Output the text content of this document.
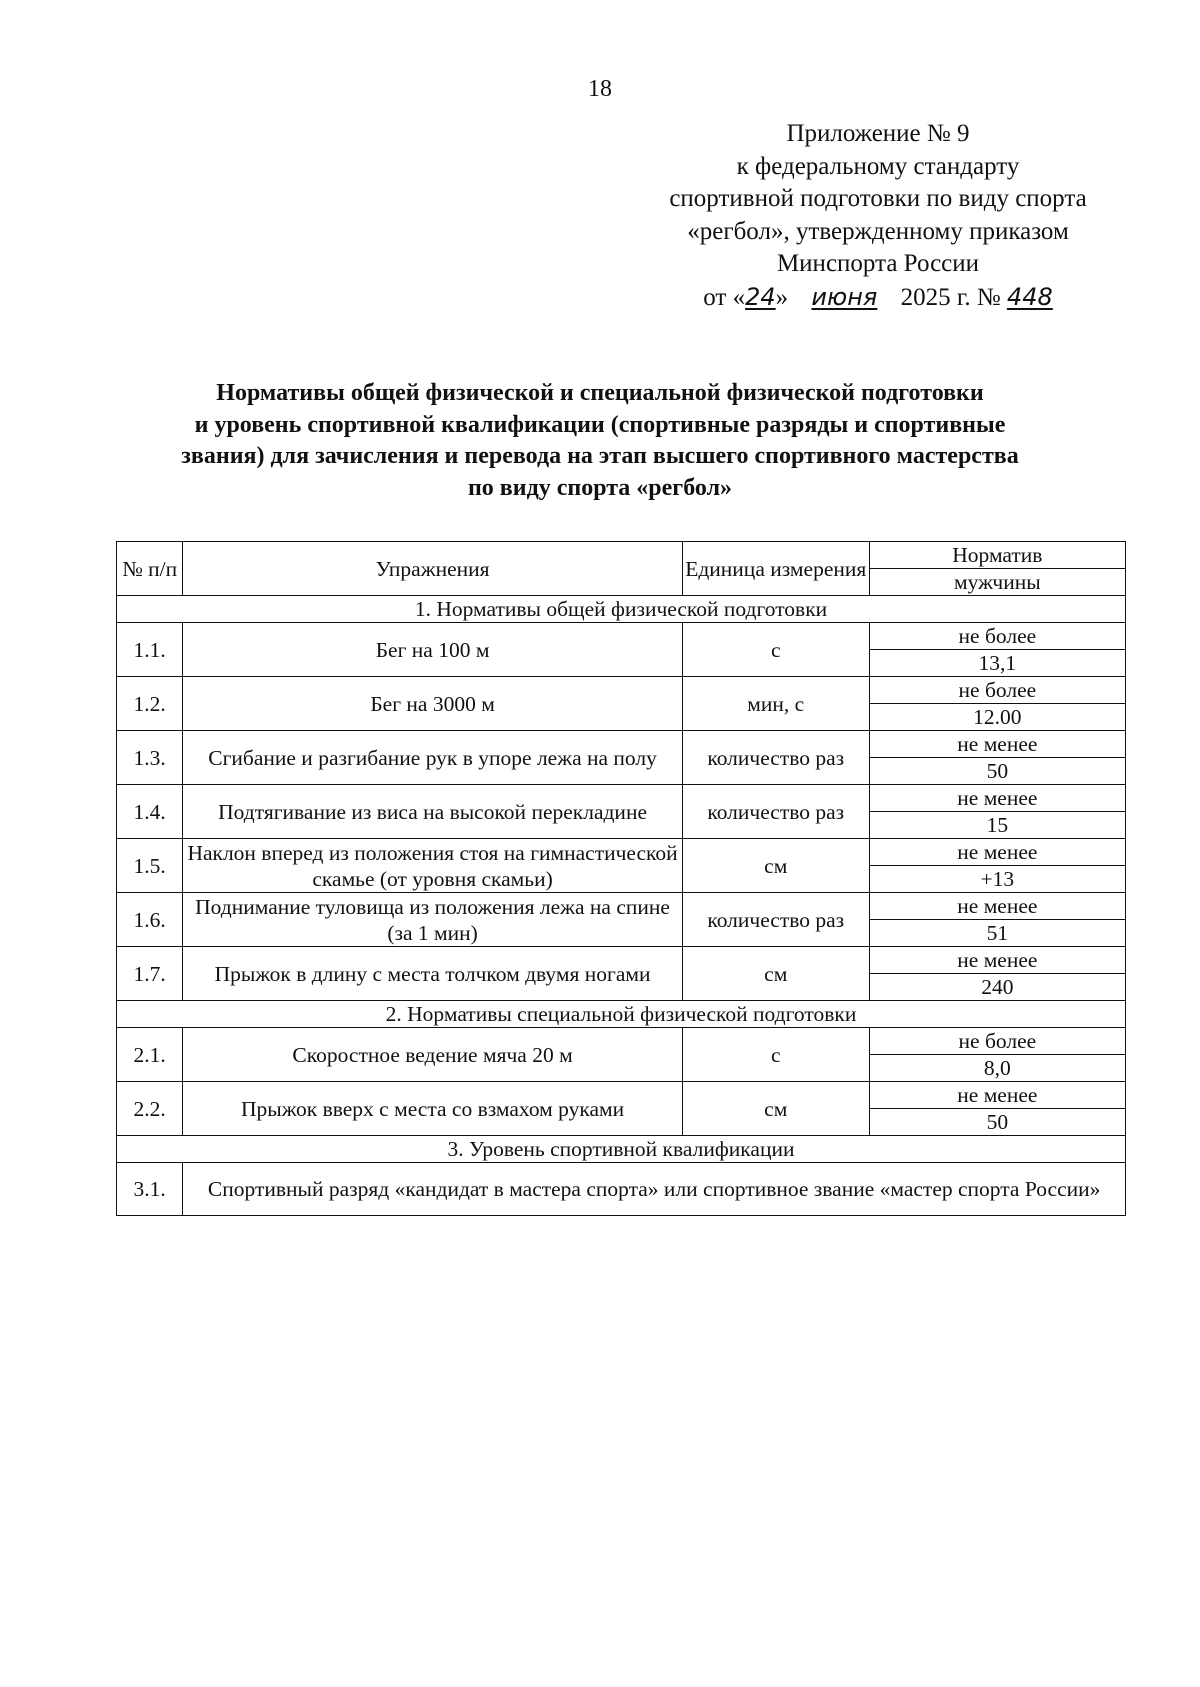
18
Приложение № 9
к федеральному стандарту
спортивной подготовки по виду спорта
«регбол», утвержденному приказом
Минспорта России
от «24» июня 2025 г. № 448
Нормативы общей физической и специальной физической подготовки
и уровень спортивной квалификации (спортивные разряды и спортивные
звания) для зачисления и перевода на этап высшего спортивного мастерства
по виду спорта «регбол»
№ п/п	Упражнения	Единица измерения	Норматив
			мужчины
1. Нормативы общей физической подготовки			
1.1.	Бег на 100 м	с	не более
			13,1
1.2.	Бег на 3000 м	мин, с	не более
			12.00
1.3.	Сгибание и разгибание рук в упоре лежа на полу	количество раз	не менее
			50
1.4.	Подтягивание из виса на высокой перекладине	количество раз	не менее
			15
1.5.	Наклон вперед из положения стоя на гимнастической скамье (от уровня скамьи)	см	не менее
			+13
1.6.	Поднимание туловища из положения лежа на спине (за 1 мин)	количество раз	не менее
			51
1.7.	Прыжок в длину с места толчком двумя ногами	см	не менее
			240
2. Нормативы специальной физической подготовки			
2.1.	Скоростное ведение мяча 20 м	с	не более
			8,0
2.2.	Прыжок вверх с места со взмахом руками	см	не менее
			50
3. Уровень спортивной квалификации			
3.1.	Спортивный разряд «кандидат в мастера спорта» или спортивное звание «мастер спорта России»		
